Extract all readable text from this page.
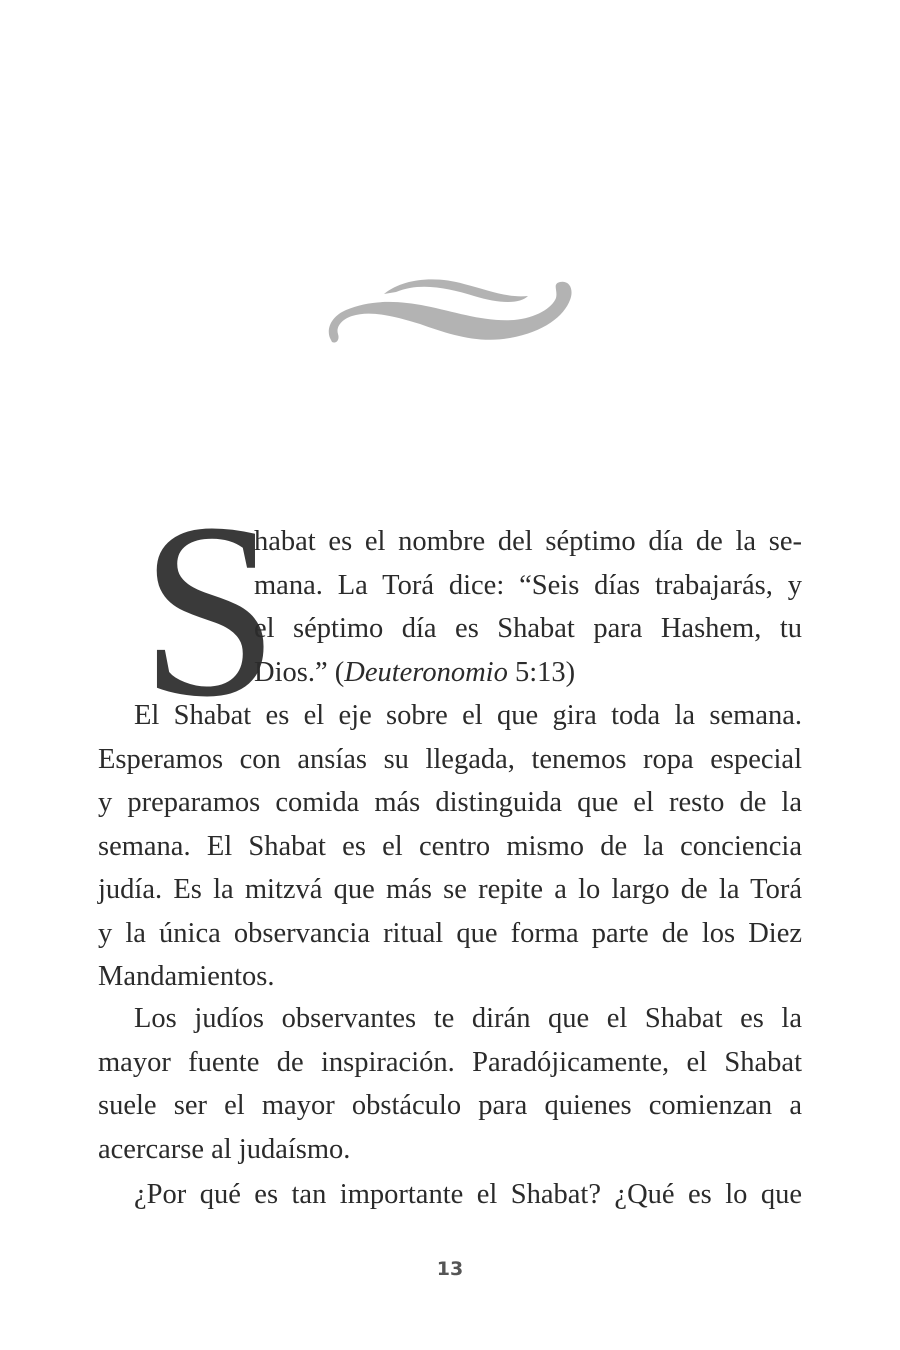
S
habat es el nombre del séptimo día de la se-
mana. La Torá dice: “Seis días trabajarás, y
el séptimo día es Shabat para Hashem, tu
Dios.” (Deuteronomio 5:13)
El Shabat es el eje sobre el que gira toda la semana.
Esperamos con ansías su llegada, tenemos ropa especial
y preparamos comida más distinguida que el resto de la
semana. El Shabat es el centro mismo de la conciencia
judía. Es la mitzvá que más se repite a lo largo de la Torá
y la única observancia ritual que forma parte de los Diez
Mandamientos.
Los judíos observantes te dirán que el Shabat es la
mayor fuente de inspiración. Paradójicamente, el Shabat
suele ser el mayor obstáculo para quienes comienzan a
acercarse al judaísmo.
¿Por qué es tan importante el Shabat? ¿Qué es lo que
13
